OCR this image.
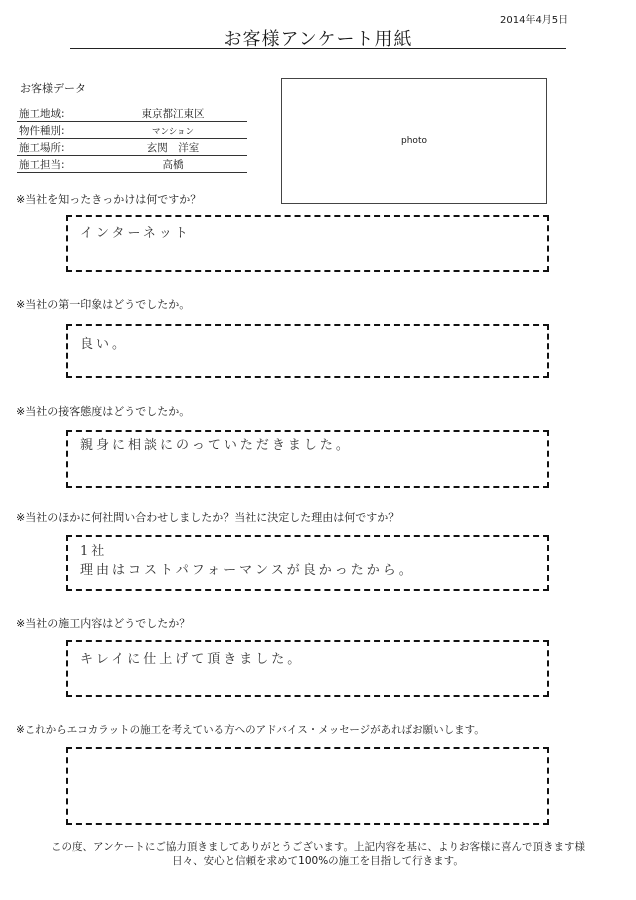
2014年4月5日
お客様アンケート用紙
お客様データ
施工地域:	東京都江東区
物件種別:	マンション
施工場所:	玄関　洋室
施工担当:	高橋
photo
※当社を知ったきっかけは何ですか？
インターネット
※当社の第一印象はどうでしたか。
良い。
※当社の接客態度はどうでしたか。
親身に相談にのっていただきました。
※当社のほかに何社問い合わせしましたか？当社に決定した理由は何ですか？
1社
理由はコストパフォーマンスが良かったから。
※当社の施工内容はどうでしたか？
キレイに仕上げて頂きました。
※これからエコカラットの施工を考えている方へのアドバイス・メッセージがあればお願いします。
この度、アンケートにご協力頂きましてありがとうございます。上記内容を基に、よりお客様に喜んで頂きます様
日々、安心と信頼を求めて100%の施工を目指して行きます。
